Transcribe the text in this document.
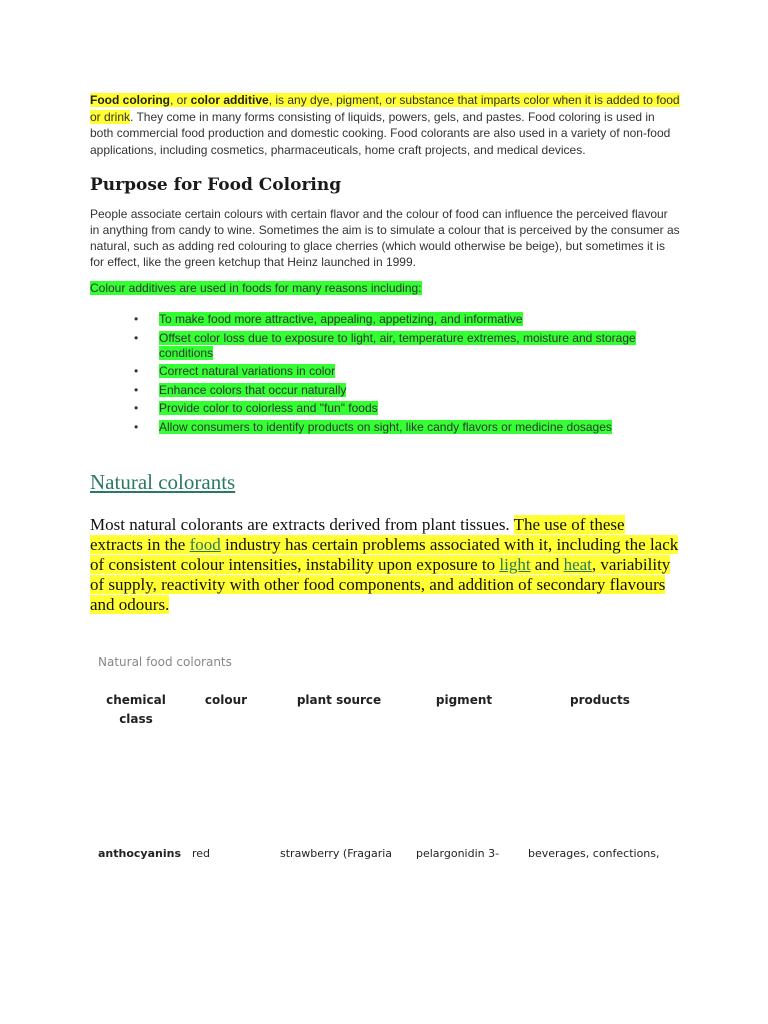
Food coloring, or color additive, is any dye, pigment, or substance that imparts color when it is added to food or drink. They come in many forms consisting of liquids, powers, gels, and pastes. Food coloring is used in both commercial food production and domestic cooking. Food colorants are also used in a variety of non-food applications, including cosmetics, pharmaceuticals, home craft projects, and medical devices.

Purpose for Food Coloring

People associate certain colours with certain flavor and the colour of food can influence the perceived flavour in anything from candy to wine. Sometimes the aim is to simulate a colour that is perceived by the consumer as natural, such as adding red colouring to glace cherries (which would otherwise be beige), but sometimes it is for effect, like the green ketchup that Heinz launched in 1999.

Colour additives are used in foods for many reasons including:

• To make food more attractive, appealing, appetizing, and informative
• Offset color loss due to exposure to light, air, temperature extremes, moisture and storage conditions
• Correct natural variations in color
• Enhance colors that occur naturally
• Provide color to colorless and "fun" foods
• Allow consumers to identify products on sight, like candy flavors or medicine dosages
Natural colorants

Most natural colorants are extracts derived from plant tissues. The use of these extracts in the food industry has certain problems associated with it, including the lack of consistent colour intensities, instability upon exposure to light and heat, variability of supply, reactivity with other food components, and addition of secondary flavours and odours.

Natural food colorants
chemical class	colour	plant source	pigment	products

anthocyanins	red	strawberry (Fragaria	pelargonidin 3-	beverages, confections,
